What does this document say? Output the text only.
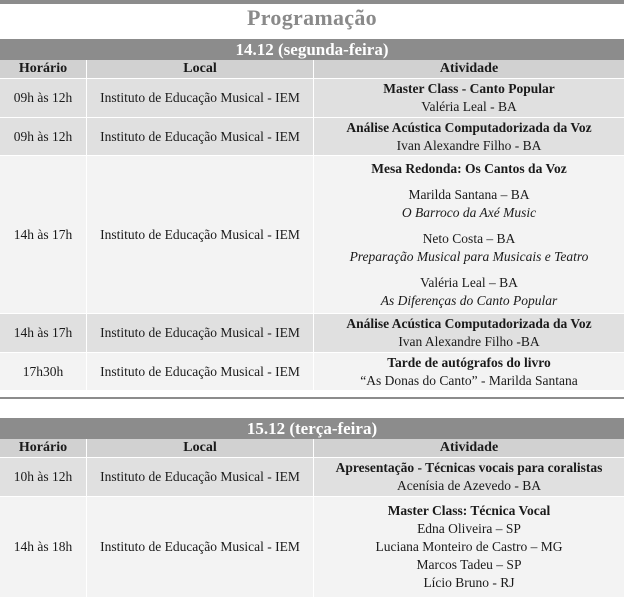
Programação
14.12 (segunda-feira)
Horário	Local	Atividade
09h às 12h	Instituto de Educação Musical - IEM
Master Class - Canto Popular
Valéria Leal - BA
09h às 12h	Instituto de Educação Musical - IEM
Análise Acústica Computadorizada da Voz
Ivan Alexandre Filho - BA
14h às 17h	Instituto de Educação Musical - IEM
Mesa Redonda: Os Cantos da Voz
Marilda Santana – BA
O Barroco da Axé Music
Neto Costa – BA
Preparação Musical para Musicais e Teatro
Valéria Leal – BA
As Diferenças do Canto Popular
14h às 17h	Instituto de Educação Musical - IEM
Análise Acústica Computadorizada da Voz
Ivan Alexandre Filho -BA
17h30h	Instituto de Educação Musical - IEM
Tarde de autógrafos do livro
“As Donas do Canto” - Marilda Santana
15.12 (terça-feira)
Horário	Local	Atividade
10h às 12h	Instituto de Educação Musical - IEM
Apresentação - Técnicas vocais para coralistas
Acenísia de Azevedo - BA
14h às 18h	Instituto de Educação Musical - IEM
Master Class: Técnica Vocal
Edna Oliveira – SP
Luciana Monteiro de Castro – MG
Marcos Tadeu – SP
Lício Bruno - RJ
